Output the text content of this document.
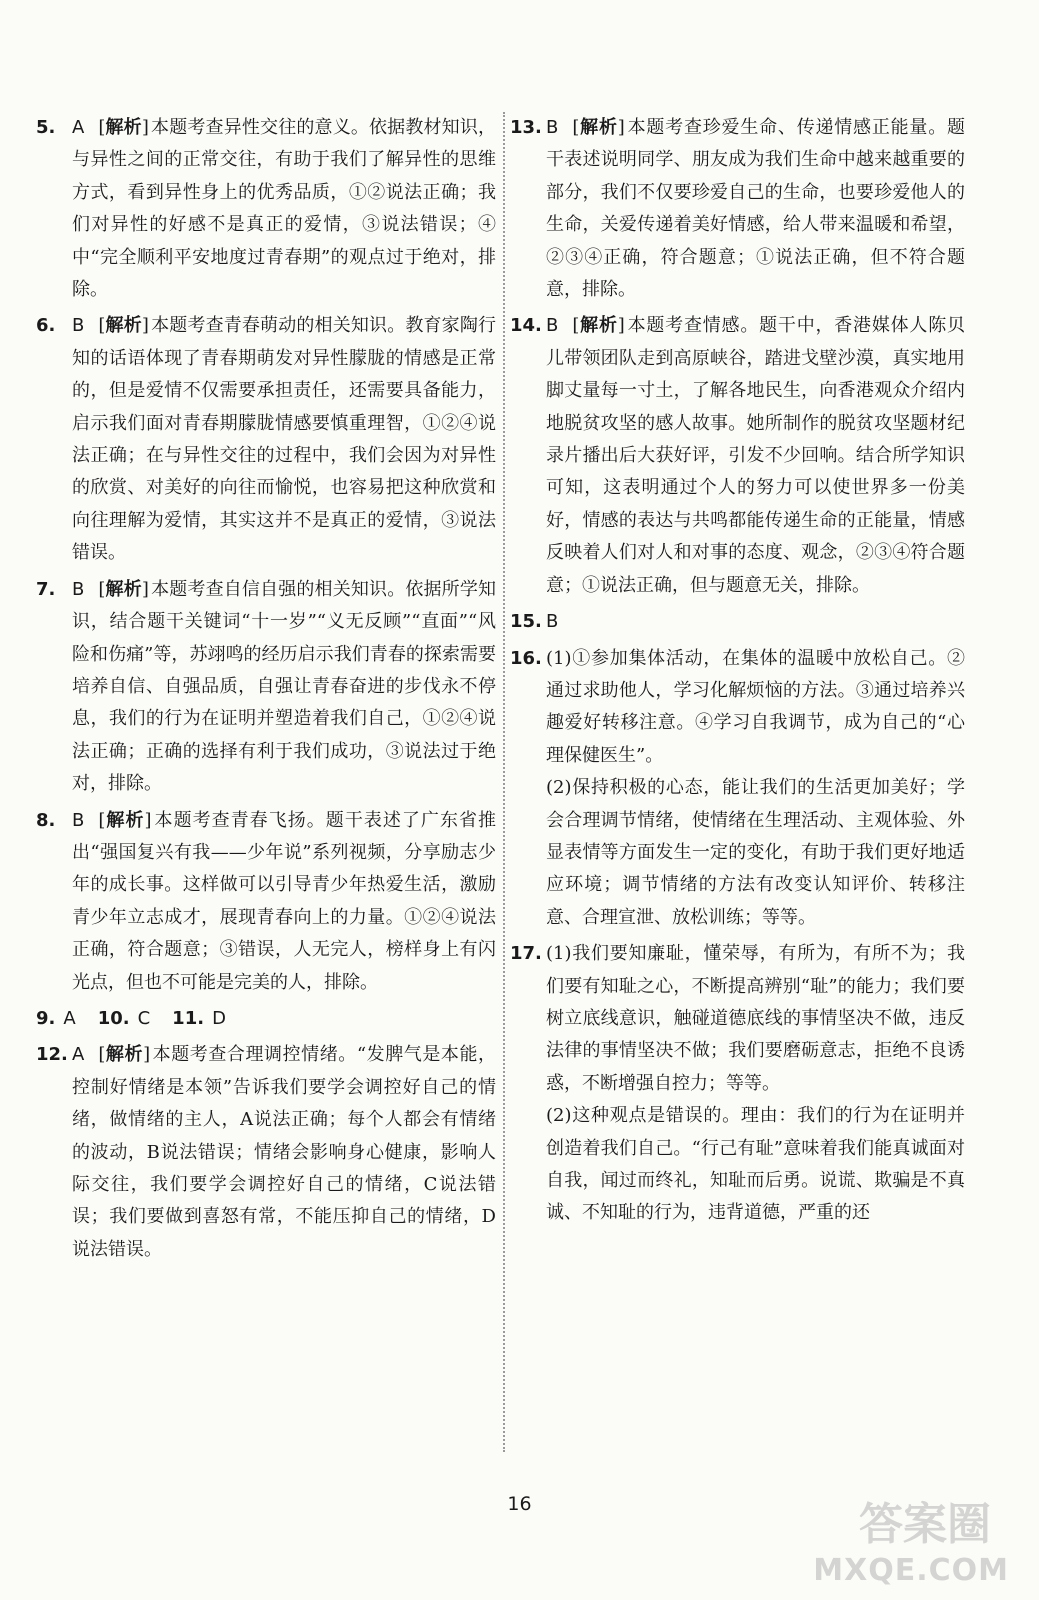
5. A [解析] 本题考查异性交往的意义。依据教材知识，与异性之间的正常交往，有助于我们了解异性的思维方式，看到异性身上的优秀品质，①②说法正确；我们对异性的好感不是真正的爱情，③说法错误；④中“完全顺利平安地度过青春期”的观点过于绝对，排除。
6. B [解析] 本题考查青春萌动的相关知识。教育家陶行知的话语体现了青春期萌发对异性朦胧的情感是正常的，但是爱情不仅需要承担责任，还需要具备能力，启示我们面对青春期朦胧情感要慎重理智，①②④说法正确；在与异性交往的过程中，我们会因为对异性的欣赏、对美好的向往而愉悦，也容易把这种欣赏和向往理解为爱情，其实这并不是真正的爱情，③说法错误。
7. B [解析] 本题考查自信自强的相关知识。依据所学知识，结合题干关键词“十一岁”“义无反顾”“直面”“风险和伤痛”等，苏翊鸣的经历启示我们青春的探索需要培养自信、自强品质，自强让青春奋进的步伐永不停息，我们的行为在证明并塑造着我们自己，①②④说法正确；正确的选择有利于我们成功，③说法过于绝对，排除。
8. B [解析] 本题考查青春飞扬。题干表述了广东省推出“强国复兴有我——少年说”系列视频，分享励志少年的成长事。这样做可以引导青少年热爱生活，激励青少年立志成才，展现青春向上的力量。①②④说法正确，符合题意；③错误，人无完人，榜样身上有闪光点，但也不可能是完美的人，排除。
9. A 10. C 11. D
12. A [解析] 本题考查合理调控情绪。“发脾气是本能，控制好情绪是本领”告诉我们要学会调控好自己的情绪，做情绪的主人，A说法正确；每个人都会有情绪的波动，B说法错误；情绪会影响身心健康，影响人际交往，我们要学会调控好自己的情绪，C说法错误；我们要做到喜怒有常，不能压抑自己的情绪，D说法错误。
13. B [解析] 本题考查珍爱生命、传递情感正能量。题干表述说明同学、朋友成为我们生命中越来越重要的部分，我们不仅要珍爱自己的生命，也要珍爱他人的生命，关爱传递着美好情感，给人带来温暖和希望，②③④正确，符合题意；①说法正确，但不符合题意，排除。
14. B [解析] 本题考查情感。题干中，香港媒体人陈贝儿带领团队走到高原峡谷，踏进戈壁沙漠，真实地用脚丈量每一寸土，了解各地民生，向香港观众介绍内地脱贫攻坚的感人故事。她所制作的脱贫攻坚题材纪录片播出后大获好评，引发不少回响。结合所学知识可知，这表明通过个人的努力可以使世界多一份美好，情感的表达与共鸣都能传递生命的正能量，情感反映着人们对人和对事的态度、观念，②③④符合题意；①说法正确，但与题意无关，排除。
15. B
16. (1)①参加集体活动，在集体的温暖中放松自己。②通过求助他人，学习化解烦恼的方法。③通过培养兴趣爱好转移注意。④学习自我调节，成为自己的“心理保健医生”。

(2)保持积极的心态，能让我们的生活更加美好；学会合理调节情绪，使情绪在生理活动、主观体验、外显表情等方面发生一定的变化，有助于我们更好地适应环境；调节情绪的方法有改变认知评价、转移注意、合理宣泄、放松训练；等等。

17. (1)我们要知廉耻，懂荣辱，有所为，有所不为；我们要有知耻之心，不断提高辨别“耻”的能力；我们要树立底线意识，触碰道德底线的事情坚决不做，违反法律的事情坚决不做；我们要磨砺意志，拒绝不良诱惑，不断增强自控力；等等。

(2)这种观点是错误的。理由：我们的行为在证明并创造着我们自己。“行己有耻”意味着我们能真诚面对自我，闻过而终礼，知耻而后勇。说谎、欺骗是不真诚、不知耻的行为，违背道德，严重的还

16	答案圈
MXQE.COM
